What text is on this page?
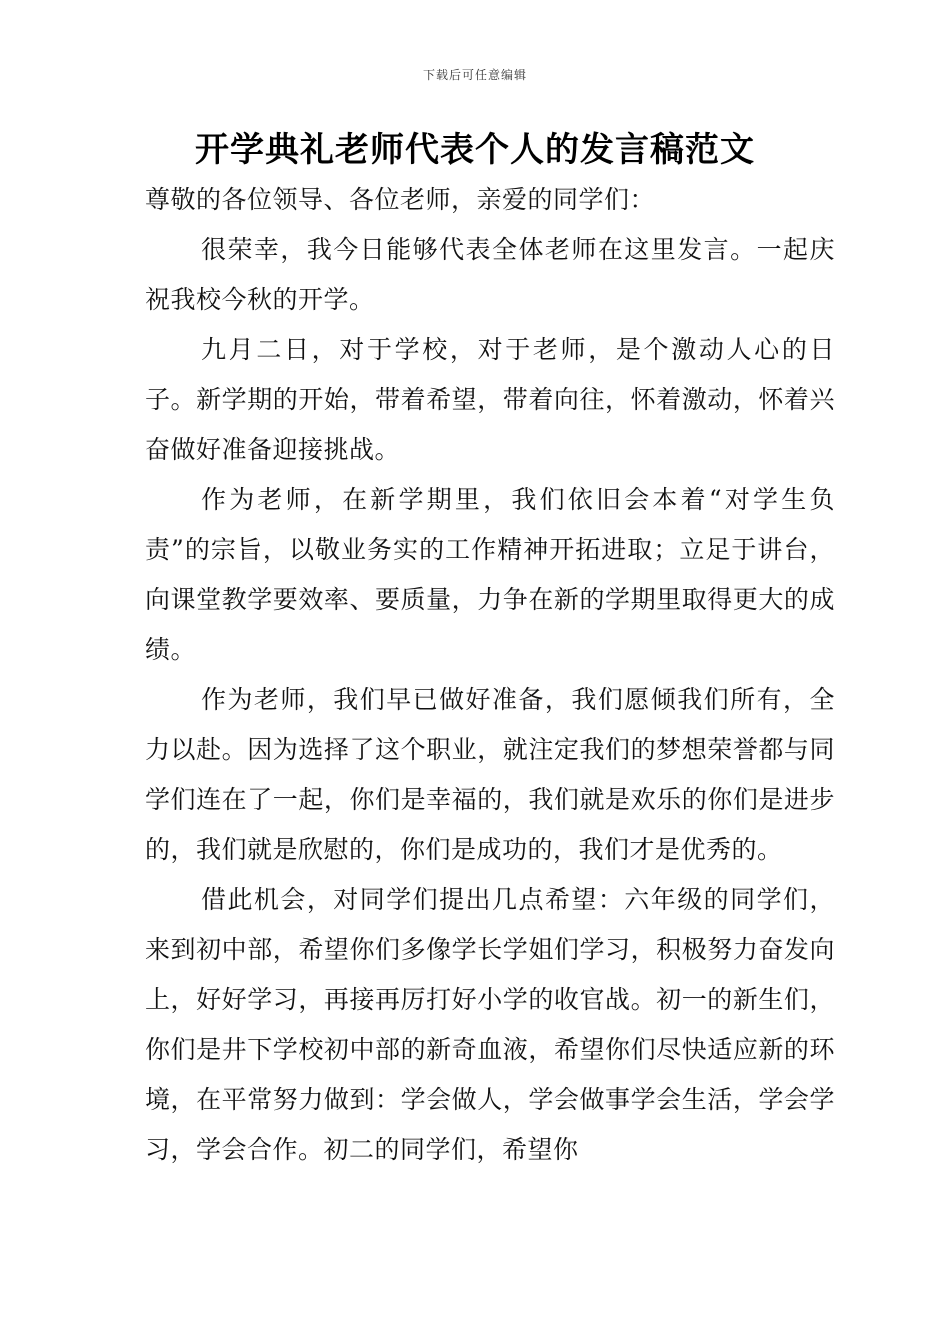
下载后可任意编辑
开学典礼老师代表个人的发言稿范文

尊敬的各位领导、各位老师，亲爱的同学们：

很荣幸，我今日能够代表全体老师在这里发言。一起庆祝我校今秋的开学。

九月二日，对于学校，对于老师，是个激动人心的日子。新学期的开始，带着希望，带着向往，怀着激动，怀着兴奋做好准备迎接挑战。

作为老师，在新学期里，我们依旧会本着“对学生负责”的宗旨，以敬业务实的工作精神开拓进取；立足于讲台，向课堂教学要效率、要质量，力争在新的学期里取得更大的成绩。

作为老师，我们早已做好准备，我们愿倾我们所有，全力以赴。因为选择了这个职业，就注定我们的梦想荣誉都与同学们连在了一起，你们是幸福的，我们就是欢乐的你们是进步的，我们就是欣慰的，你们是成功的，我们才是优秀的。

借此机会，对同学们提出几点希望：六年级的同学们，来到初中部，希望你们多像学长学姐们学习，积极努力奋发向上，好好学习，再接再厉打好小学的收官战。初一的新生们，你们是井下学校初中部的新奇血液，希望你们尽快适应新的环境，在平常努力做到：学会做人，学会做事学会生活，学会学习，学会合作。初二的同学们，希望你
